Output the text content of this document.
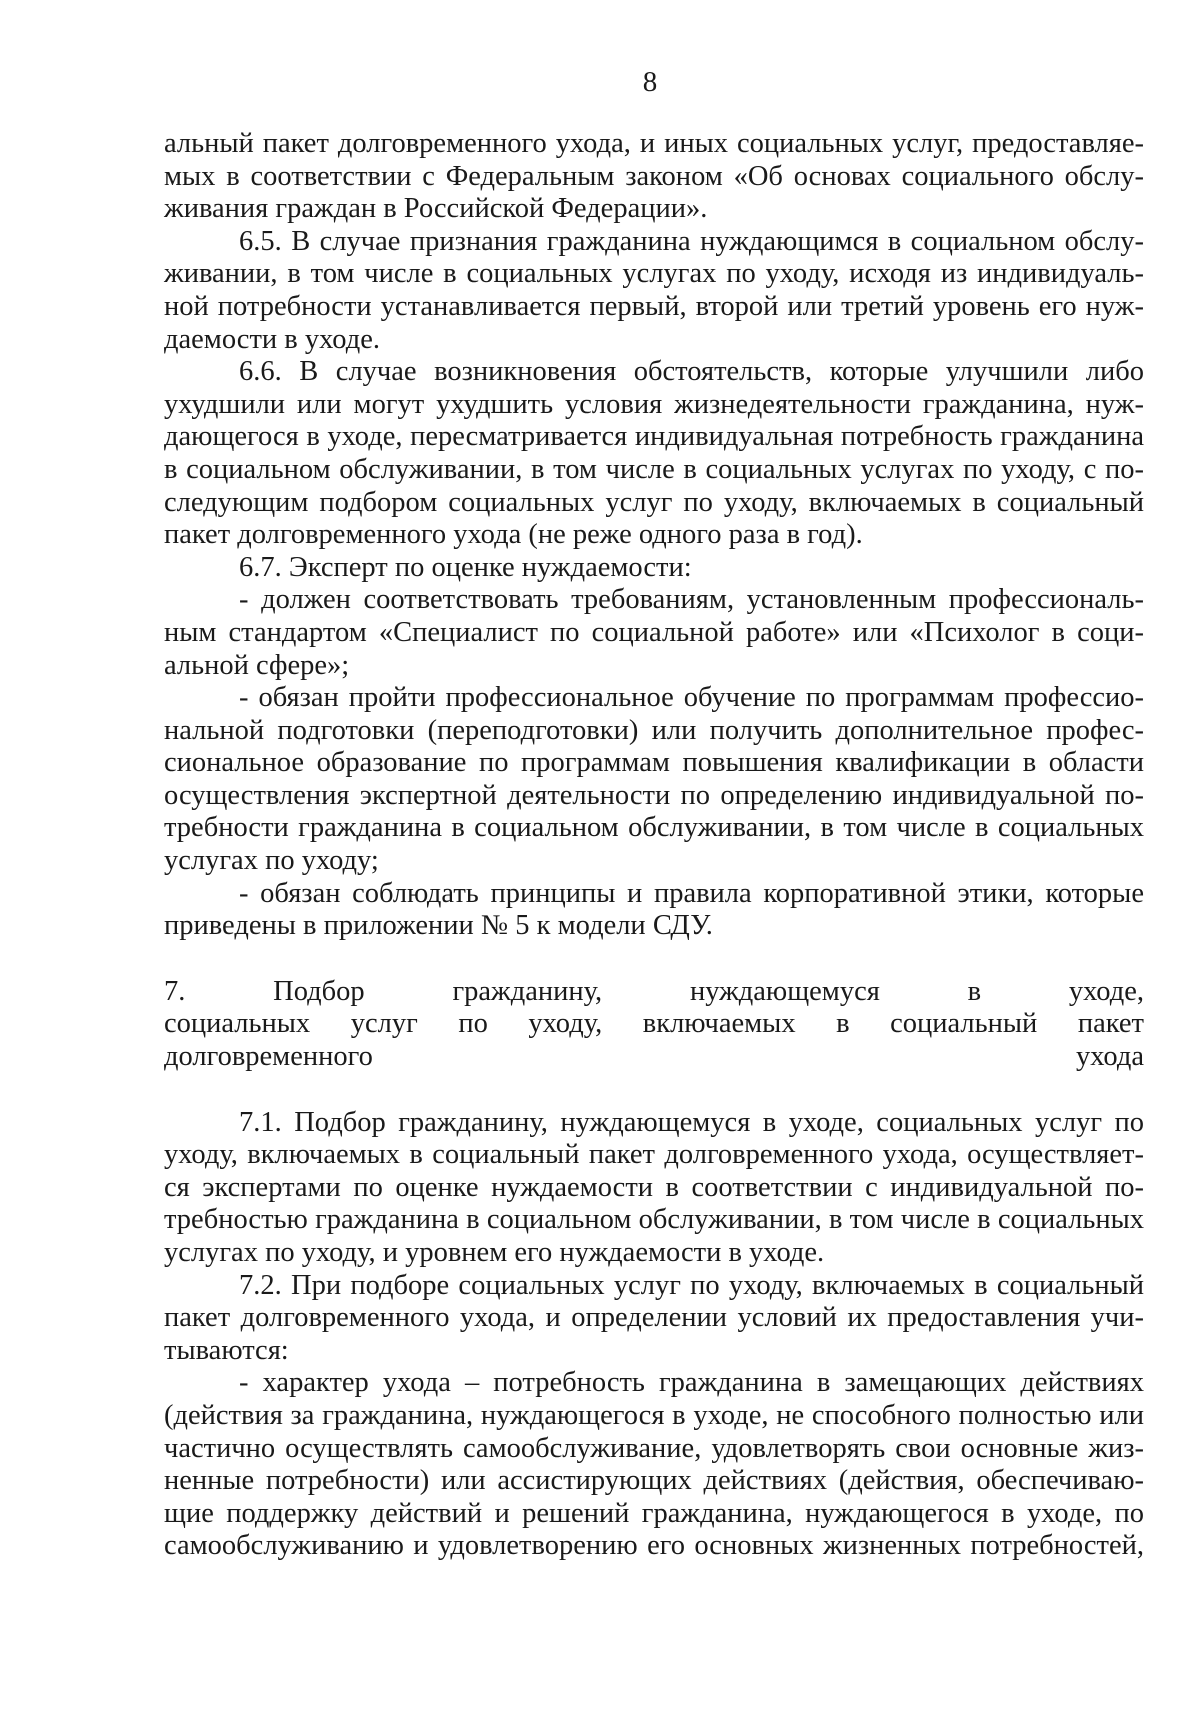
8

альный пакет долговременного ухода, и иных социальных услуг, предоставляе-

мых в соответствии с Федеральным законом «Об основах социального обслу-

живания граждан в Российской Федерации».

6.5. В случае признания гражданина нуждающимся в социальном обслу-

живании, в том числе в социальных услугах по уходу, исходя из индивидуаль-

ной потребности устанавливается первый, второй или третий уровень его нуж-

даемости в уходе.

6.6. В случае возникновения обстоятельств, которые улучшили либо

ухудшили или могут ухудшить условия жизнедеятельности гражданина, нуж-

дающегося в уходе, пересматривается индивидуальная потребность гражданина

в социальном обслуживании, в том числе в социальных услугах по уходу, с по-

следующим подбором социальных услуг по уходу, включаемых в социальный

пакет долговременного ухода (не реже одного раза в год).

6.7. Эксперт по оценке нуждаемости:

- должен соответствовать требованиям, установленным профессиональ-

ным стандартом «Специалист по социальной работе» или «Психолог в соци-

альной сфере»;

- обязан пройти профессиональное обучение по программам профессио-

нальной подготовки (переподготовки) или получить дополнительное профес-

сиональное образование по программам повышения квалификации в области

осуществления экспертной деятельности по определению индивидуальной по-

требности гражданина в социальном обслуживании, в том числе в социальных

услугах по уходу;

- обязан соблюдать принципы и правила корпоративной этики, которые

приведены в приложении № 5 к модели СДУ.

7. Подбор гражданину, нуждающемуся в уходе,

социальных услуг по уходу, включаемых в социальный пакет

долговременного ухода

7.1. Подбор гражданину, нуждающемуся в уходе, социальных услуг по

уходу, включаемых в социальный пакет долговременного ухода, осуществляет-

ся экспертами по оценке нуждаемости в соответствии с индивидуальной по-

требностью гражданина в социальном обслуживании, в том числе в социальных

услугах по уходу, и уровнем его нуждаемости в уходе.

7.2. При подборе социальных услуг по уходу, включаемых в социальный

пакет долговременного ухода, и определении условий их предоставления учи-

тываются:

- характер ухода – потребность гражданина в замещающих действиях

(действия за гражданина, нуждающегося в уходе, не способного полностью или

частично осуществлять самообслуживание, удовлетворять свои основные жиз-

ненные потребности) или ассистирующих действиях (действия, обеспечиваю-

щие поддержку действий и решений гражданина, нуждающегося в уходе, по

самообслуживанию и удовлетворению его основных жизненных потребностей,
